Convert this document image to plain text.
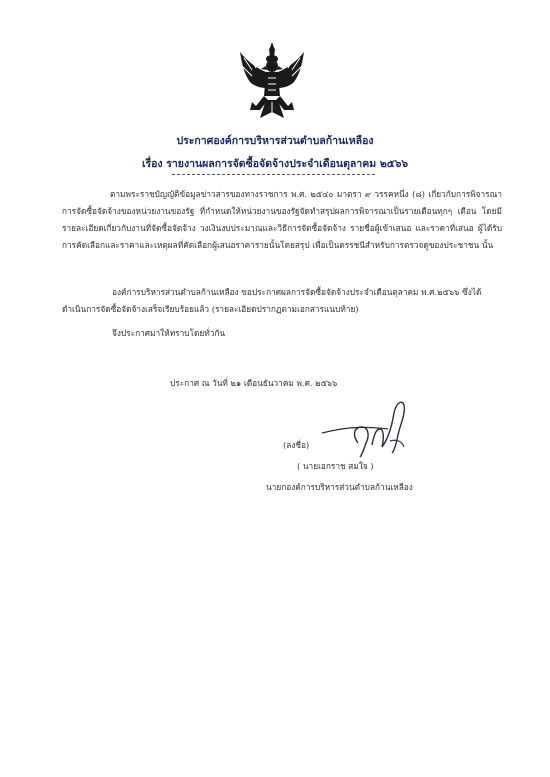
ประกาศองค์การบริหารส่วนตำบลก้านเหลือง
เรื่อง รายงานผลการจัดซื้อจัดจ้างประจำเดือนตุลาคม ๒๕๖๖
ตามพระราชบัญญัติข้อมูลข่าวสารของทางราชการ พ.ศ. ๒๕๔๐ มาตรา ๙ วรรคหนึ่ง (๘) เกี่ยวกับการพิจารณาการจัดซื้อจัดจ้างของหน่วยงานของรัฐ ที่กำหนดให้หน่วยงานของรัฐจัดทำสรุปผลการพิจารณาเป็นรายเดือนทุกๆ เดือน โดยมีรายละเอียดเกี่ยวกับงานที่จัดซื้อจัดจ้าง วงเงินงบประมาณและวิธีการจัดซื้อจัดจ้าง รายชื่อผู้เข้าเสนอ และราคาที่เสนอ ผู้ได้รับการคัดเลือกและราคาและเหตุผลที่คัดเลือกผู้เสนอราคารายนั้นโดยสรุป เพื่อเป็นดรรชนีสำหรับการตรวจดูของประชาชน นั้น
องค์การบริหารส่วนตำบลก้านเหลือง ขอประกาศผลการจัดซื้อจัดจ้างประจำเดือนตุลาคม พ.ศ.๒๕๖๖ ซึ่งได้ดำเนินการจัดซื้อจัดจ้างเสร็จเรียบร้อยแล้ว (รายละเอียดปรากฏตามเอกสารแนบท้าย)
จึงประกาศมาให้ทราบโดยทั่วกัน
ประกาศ ณ วันที่ ๒๑ เดือนธันวาคม พ.ศ. ๒๕๖๖
(ลงชื่อ)
( นายเอกราช สมใจ )
นายกองค์การบริหารส่วนตำบลก้านเหลือง
